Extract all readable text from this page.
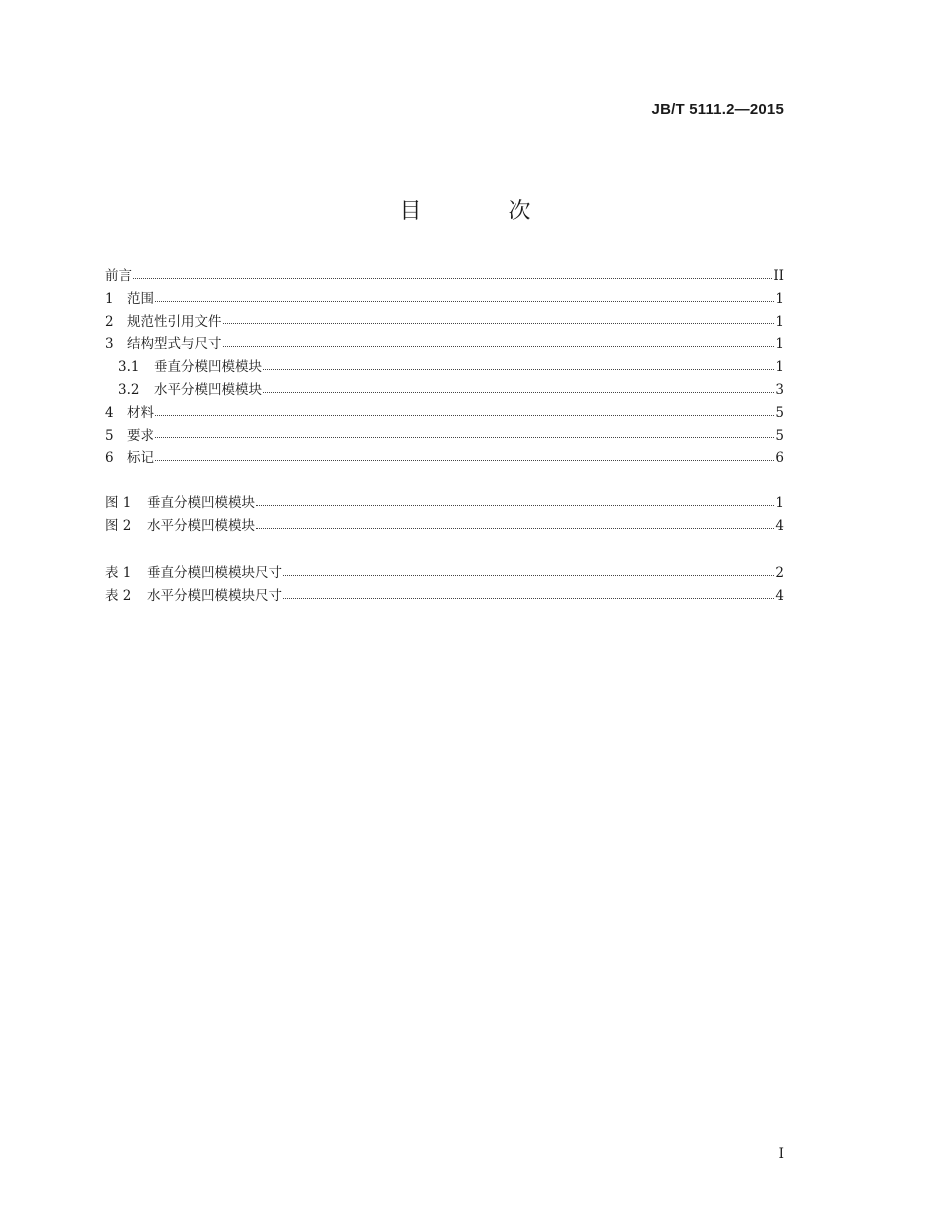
JB/T 5111.2—2015
目 次
前言	II
1 范围	1
2 规范性引用文件	1
3 结构型式与尺寸	1
3.1	垂直分模凹模模块	1
3.2	水平分模凹模模块	3
4 材料	5
5 要求	5
6 标记	6
图 1	垂直分模凹模模块	1
图 2	水平分模凹模模块	4
表 1	垂直分模凹模模块尺寸	2
表 2	水平分模凹模模块尺寸	4
I
